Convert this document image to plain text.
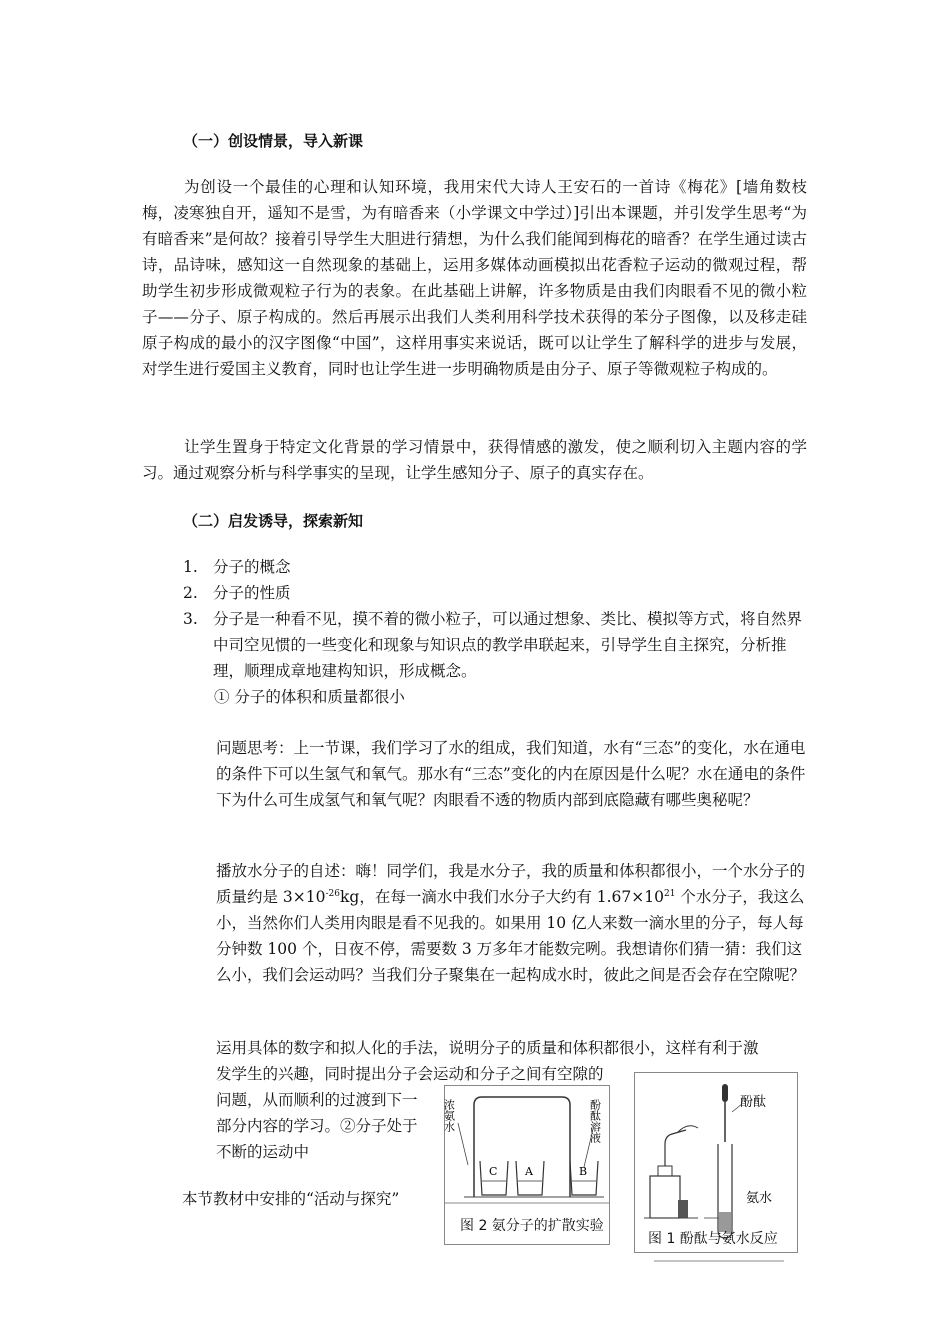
（一）创设情景，导入新课

为创设一个最佳的心理和认知环境，我用宋代大诗人王安石的一首诗《梅花》[墙角数枝梅，凌寒独自开，遥知不是雪，为有暗香来（小学课文中学过）]引出本课题，并引发学生思考“为有暗香来”是何故？接着引导学生大胆进行猜想，为什么我们能闻到梅花的暗香？在学生通过读古诗，品诗味，感知这一自然现象的基础上，运用多媒体动画模拟出花香粒子运动的微观过程，帮助学生初步形成微观粒子行为的表象。在此基础上讲解，许多物质是由我们肉眼看不见的微小粒子——分子、原子构成的。然后再展示出我们人类利用科学技术获得的苯分子图像，以及移走硅原子构成的最小的汉字图像“中国”，这样用事实来说话，既可以让学生了解科学的进步与发展，对学生进行爱国主义教育，同时也让学生进一步明确物质是由分子、原子等微观粒子构成的。

让学生置身于特定文化背景的学习情景中，获得情感的激发，使之顺利切入主题内容的学习。通过观察分析与科学事实的呈现，让学生感知分子、原子的真实存在。

（二）启发诱导，探索新知
1. 分子的概念
2. 分子的性质
3. 分子是一种看不见，摸不着的微小粒子，可以通过想象、类比、模拟等方式，将自然界中司空见惯的一些变化和现象与知识点的教学串联起来，引导学生自主探究，分析推理，顺理成章地建构知识，形成概念。
① 分子的体积和质量都很小

问题思考：上一节课，我们学习了水的组成，我们知道，水有“三态”的变化，水在通电的条件下可以生氢气和氧气。那水有“三态”变化的内在原因是什么呢？水在通电的条件下为什么可生成氢气和氧气呢？肉眼看不透的物质内部到底隐藏有哪些奥秘呢？

播放水分子的自述：嗨！同学们，我是水分子，我的质量和体积都很小，一个水分子的质量约是 $3\times 10^{-26}kg$，在每一滴水中我们水分子大约有 $1.67\times 10^{21}$ 个水分子，我这么小，当然你们人类用肉眼是看不见我的。如果用 10 亿人来数一滴水里的分子，每人每分钟数 100 个，日夜不停，需要数 3 万多年才能数完咧。我想请你们猜一猜：我们这么小，我们会运动吗？当我们分子聚集在一起构成水时，彼此之间是否会存在空隙呢？

运用具体的数字和拟人化的手法，说明分子的质量和体积都很小，这样有利于激
发学生的兴趣，同时提出分子会运动和分子之间有空隙的
问题，从而顺利的过渡到下一
部分内容的学习。②分子处于
不断的运动中
本节教材中安排的“活动与探究”
浓氨水	酚酞溶液
C	A	B
图 2 氨分子的扩散实验
酚酞
氨水
图 1 酚酞与氨水反应
